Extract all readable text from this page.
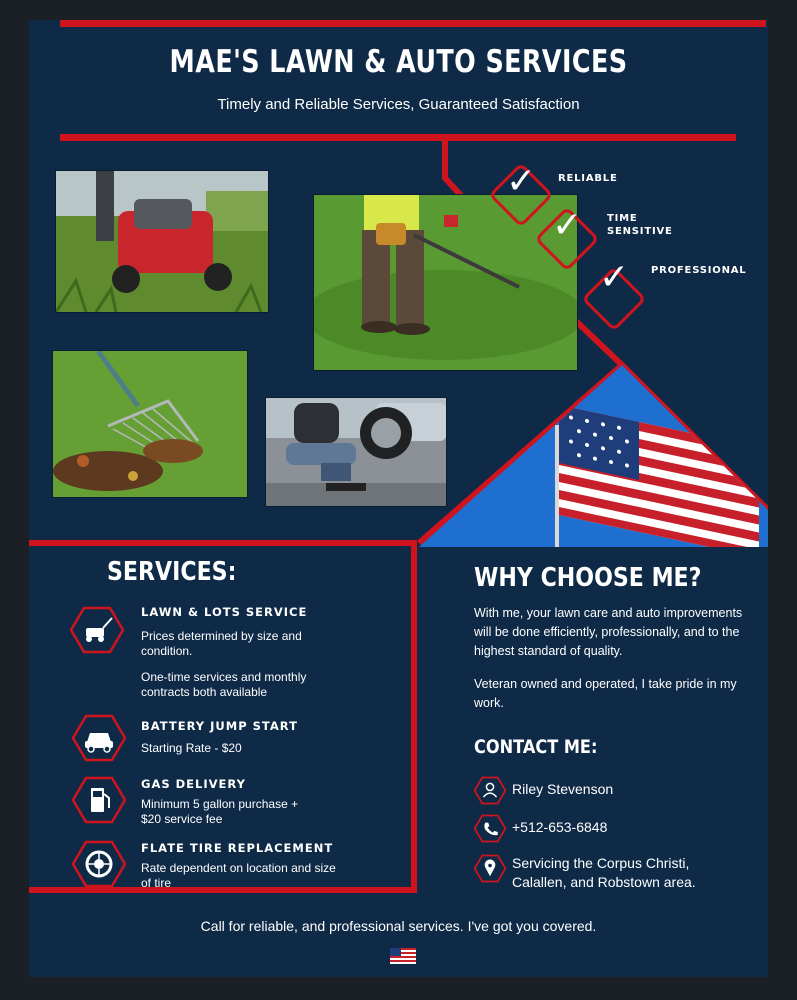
MAE'S LAWN & AUTO SERVICES
Timely and Reliable Services, Guaranteed Satisfaction
✓ RELIABLE
✓ TIME
SENSITIVE
✓ PROFESSIONAL
SERVICES:
LAWN & LOTS SERVICE
Prices determined by size and
condition.
One-time services and monthly
contracts both available
BATTERY JUMP START
Starting Rate - $20
GAS DELIVERY
Minimum 5 gallon purchase +
$20 service fee
FLATE TIRE REPLACEMENT
Rate dependent on location and size
of tire
WHY CHOOSE ME?
With me, your lawn care and auto improvements
will be done efficiently, professionally, and to the
highest standard of quality.
Veteran owned and operated, I take pride in my
work.
CONTACT ME:
Riley Stevenson
+512-653-6848
Servicing the Corpus Christi,
Calallen, and Robstown area.
Call for reliable, and professional services. I've got you covered.
